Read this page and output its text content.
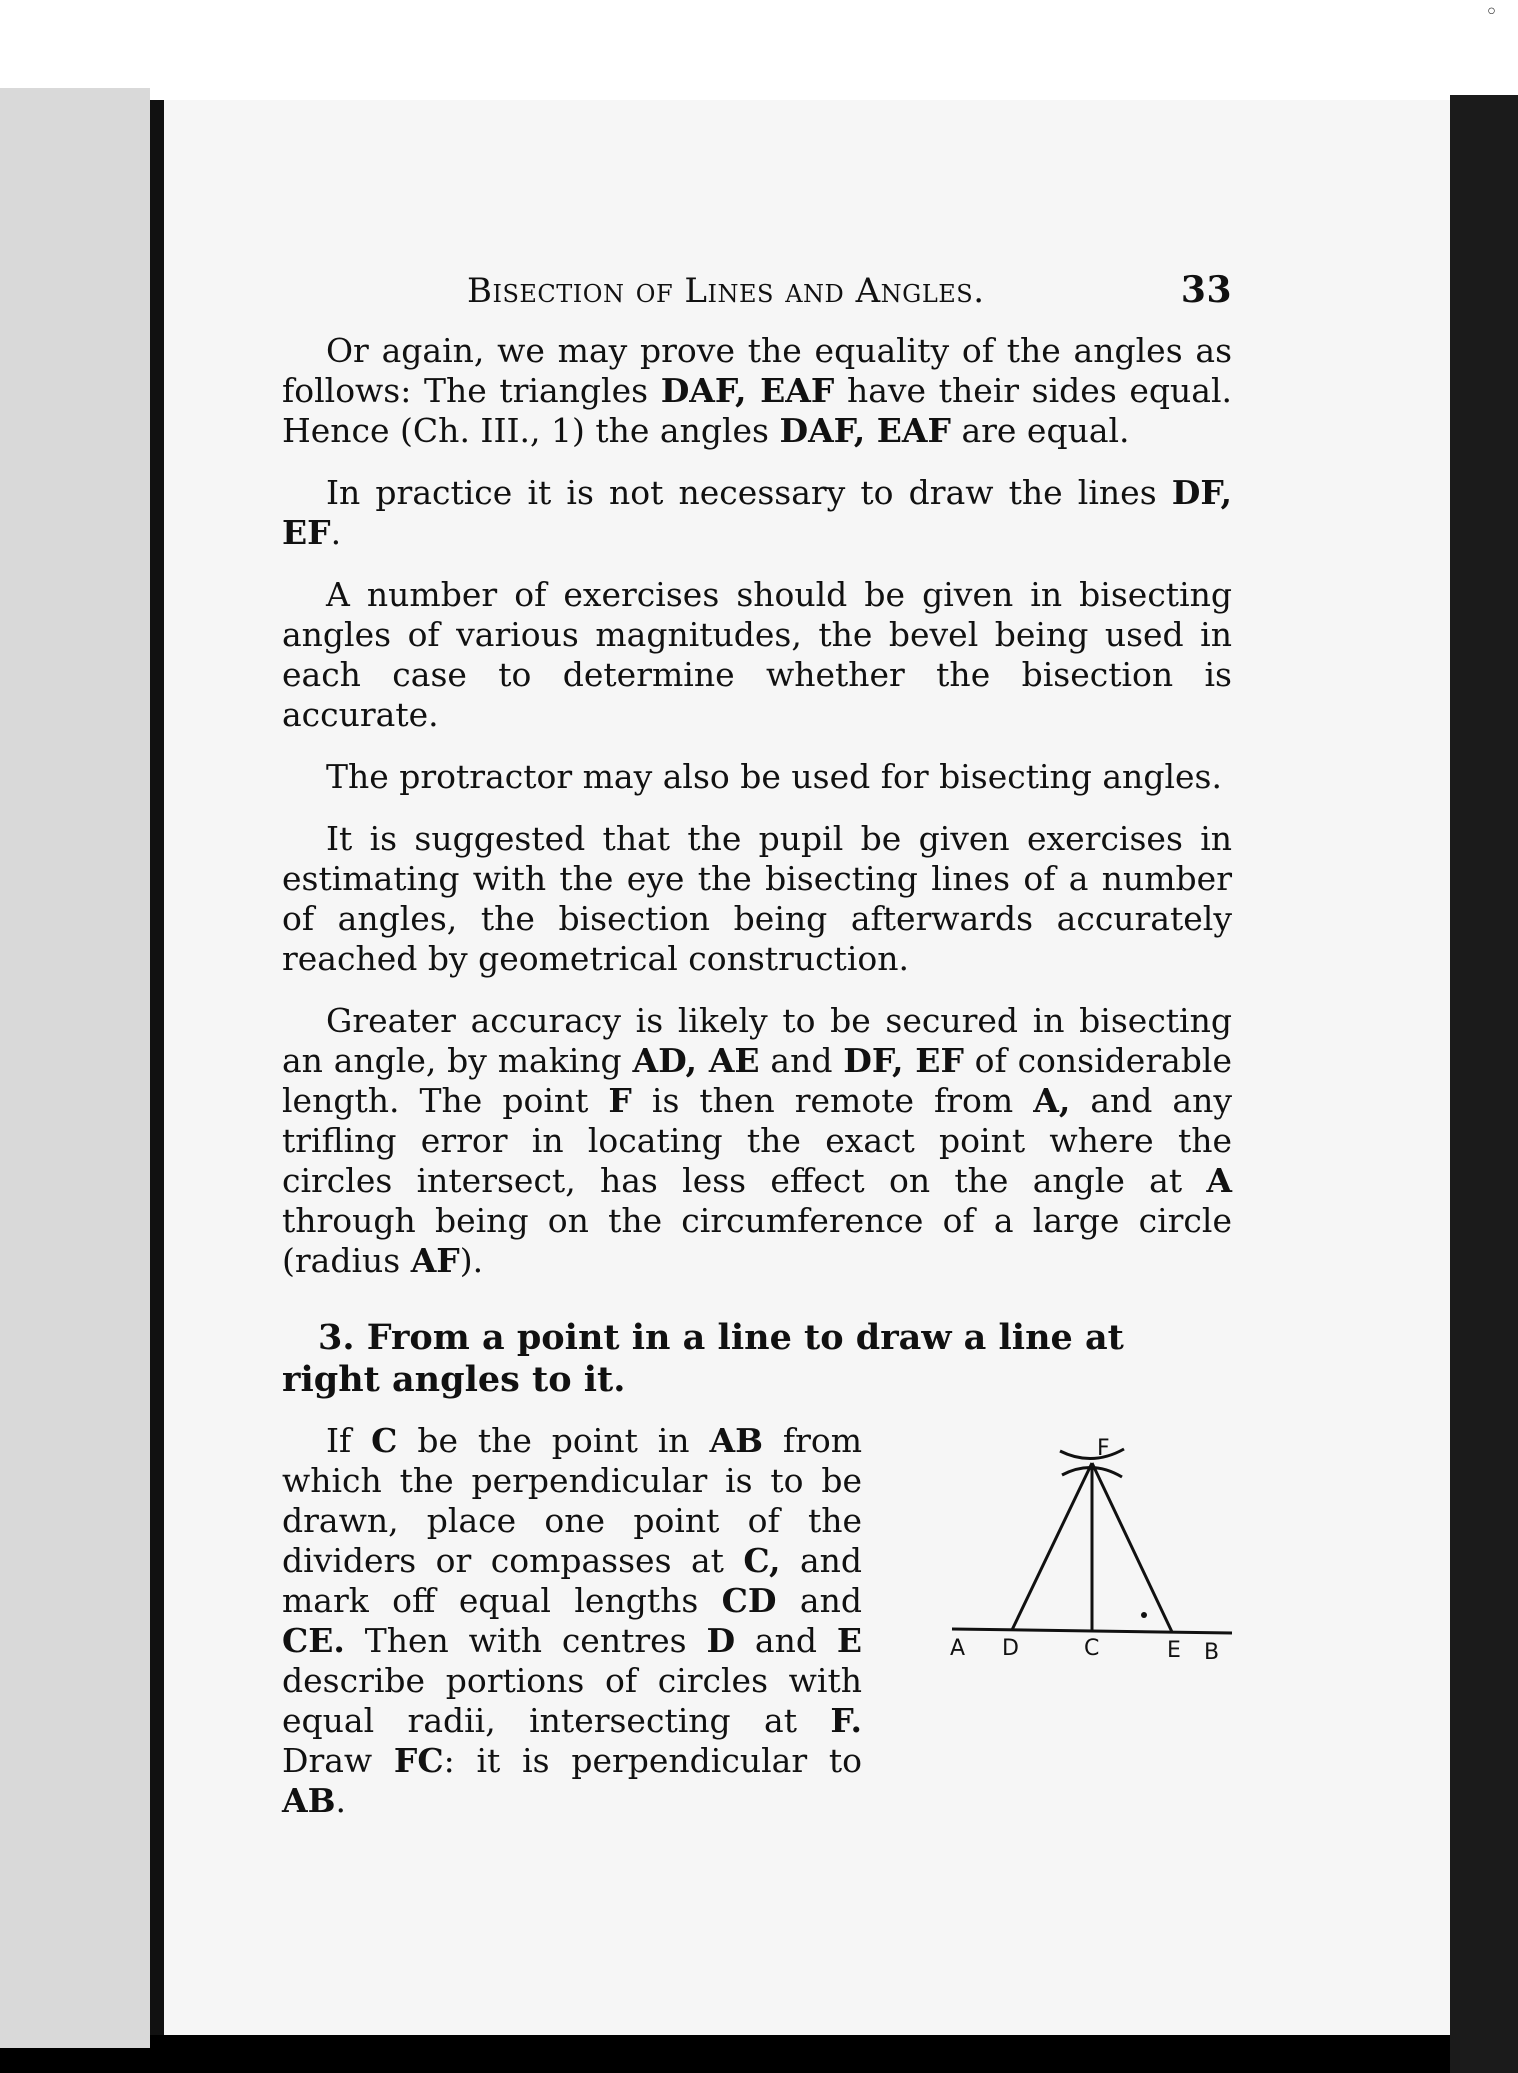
Bisection of Lines and Angles.	33

Or again, we may prove the equality of the angles as follows: The triangles DAF, EAF have their sides equal. Hence (Ch. III., 1) the angles DAF, EAF are equal.

In practice it is not necessary to draw the lines DF, EF.

A number of exercises should be given in bisecting angles of various magnitudes, the bevel being used in each case to determine whether the bisection is accurate.

The protractor may also be used for bisecting angles.

It is suggested that the pupil be given exercises in estimating with the eye the bisecting lines of a number of angles, the bisection being afterwards accurately reached by geometrical construction.

Greater accuracy is likely to be secured in bisecting an angle, by making AD, AE and DF, EF of considerable length. The point F is then remote from A, and any trifling error in locating the exact point where the circles intersect, has less effect on the angle at A through being on the circumference of a large circle (radius AF).

3. From a point in a line to draw a line at right angles to it.
F
A D	C	E B

If C be the point in AB from which the perpendicular is to be drawn, place one point of the dividers or compasses at C, and mark off equal lengths CD and CE. Then with centres D and E describe portions of circles with equal radii, intersecting at F. Draw FC: it is perpendicular to AB.

◦
